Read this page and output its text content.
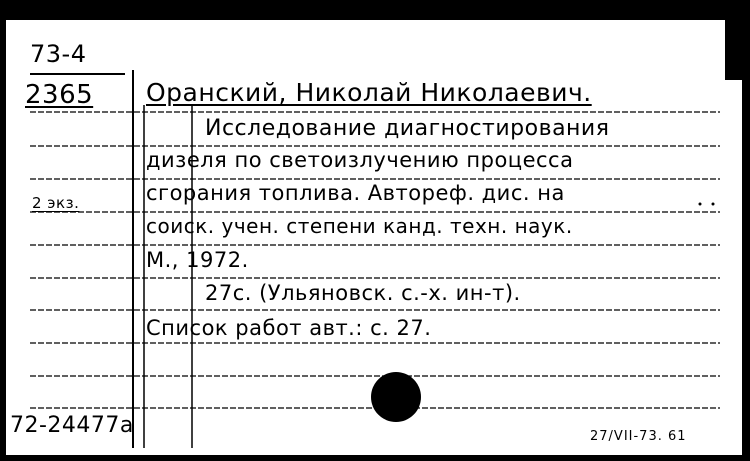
73-4
2365 Оранский, Николай Николаевич.
Исследование диагностирования
дизеля по светоизлучению процесса
сгорания топлива. Автореф. дис. на
соиск. учен. степени канд. техн. наук.
2 экз.
М., 1972.
27с. (Ульяновск. с.-х. ин-т).
Список работ авт.: с. 27.
72-24477а	27/VII-73. 61
